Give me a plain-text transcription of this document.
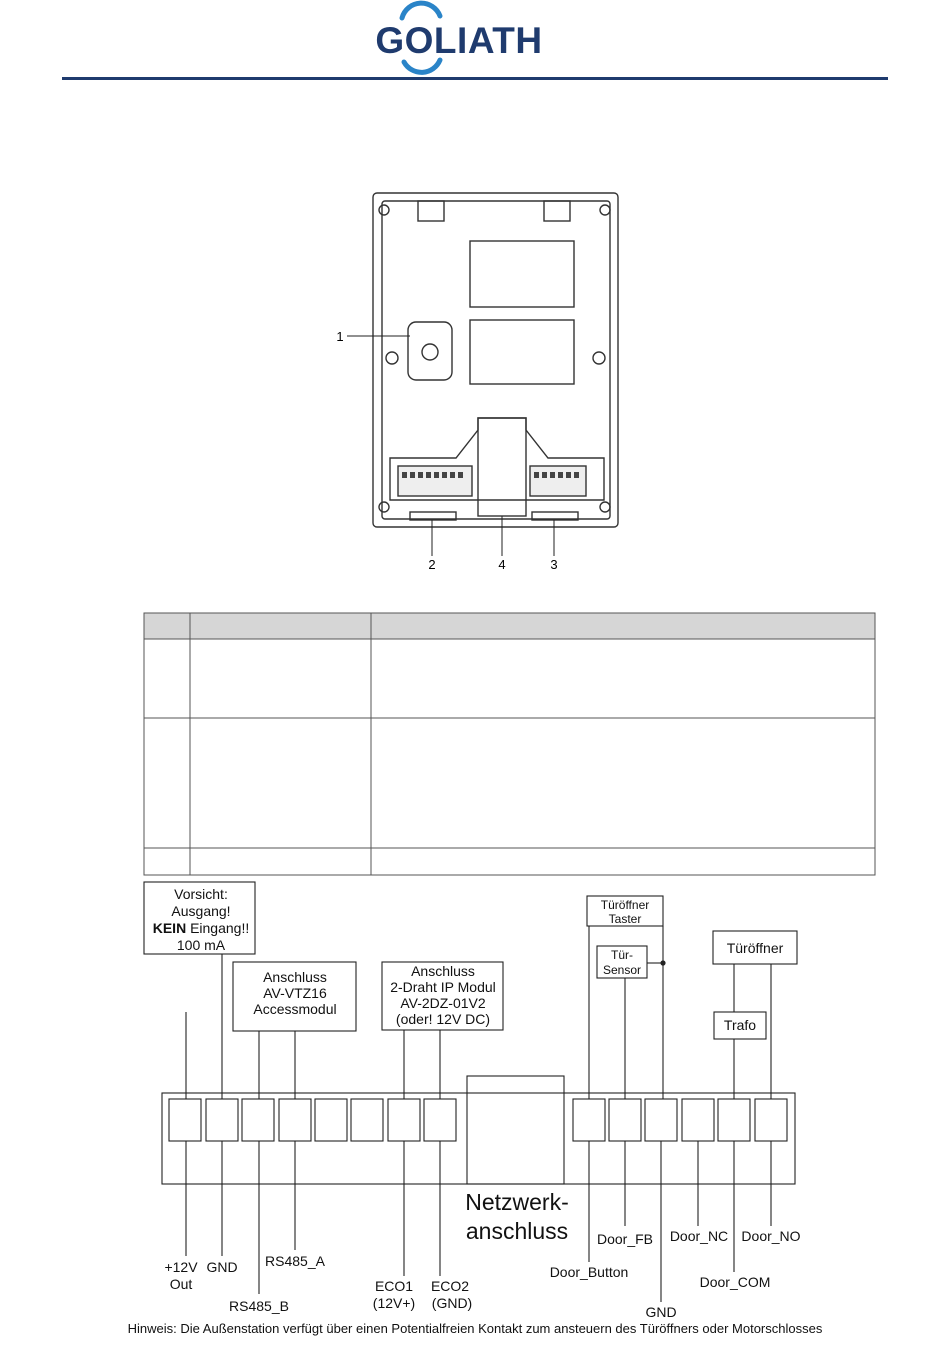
GOLIATH
1
2	4	3
Vorsicht:
Ausgang!
KEIN Eingang!!
100 mA
Anschluss
AV-VTZ16
Accessmodul
Anschluss
2-Draht IP Modul
AV-2DZ-01V2
(oder! 12V DC)
Türöffner
Trafo
Türöffner
Taster
Tür-
Sensor
Netzwerk-
anschluss
+12V
Out
GND RS485_A
RS485_B
ECO1
(12V+)
ECO2
(GND)
Door_Button
Door_FB
GND
Door_NC Door_NO
Door_COM
Hinweis: Die Außenstation verfügt über einen Potentialfreien Kontakt zum ansteuern des Türöffners oder Motorschlosses
